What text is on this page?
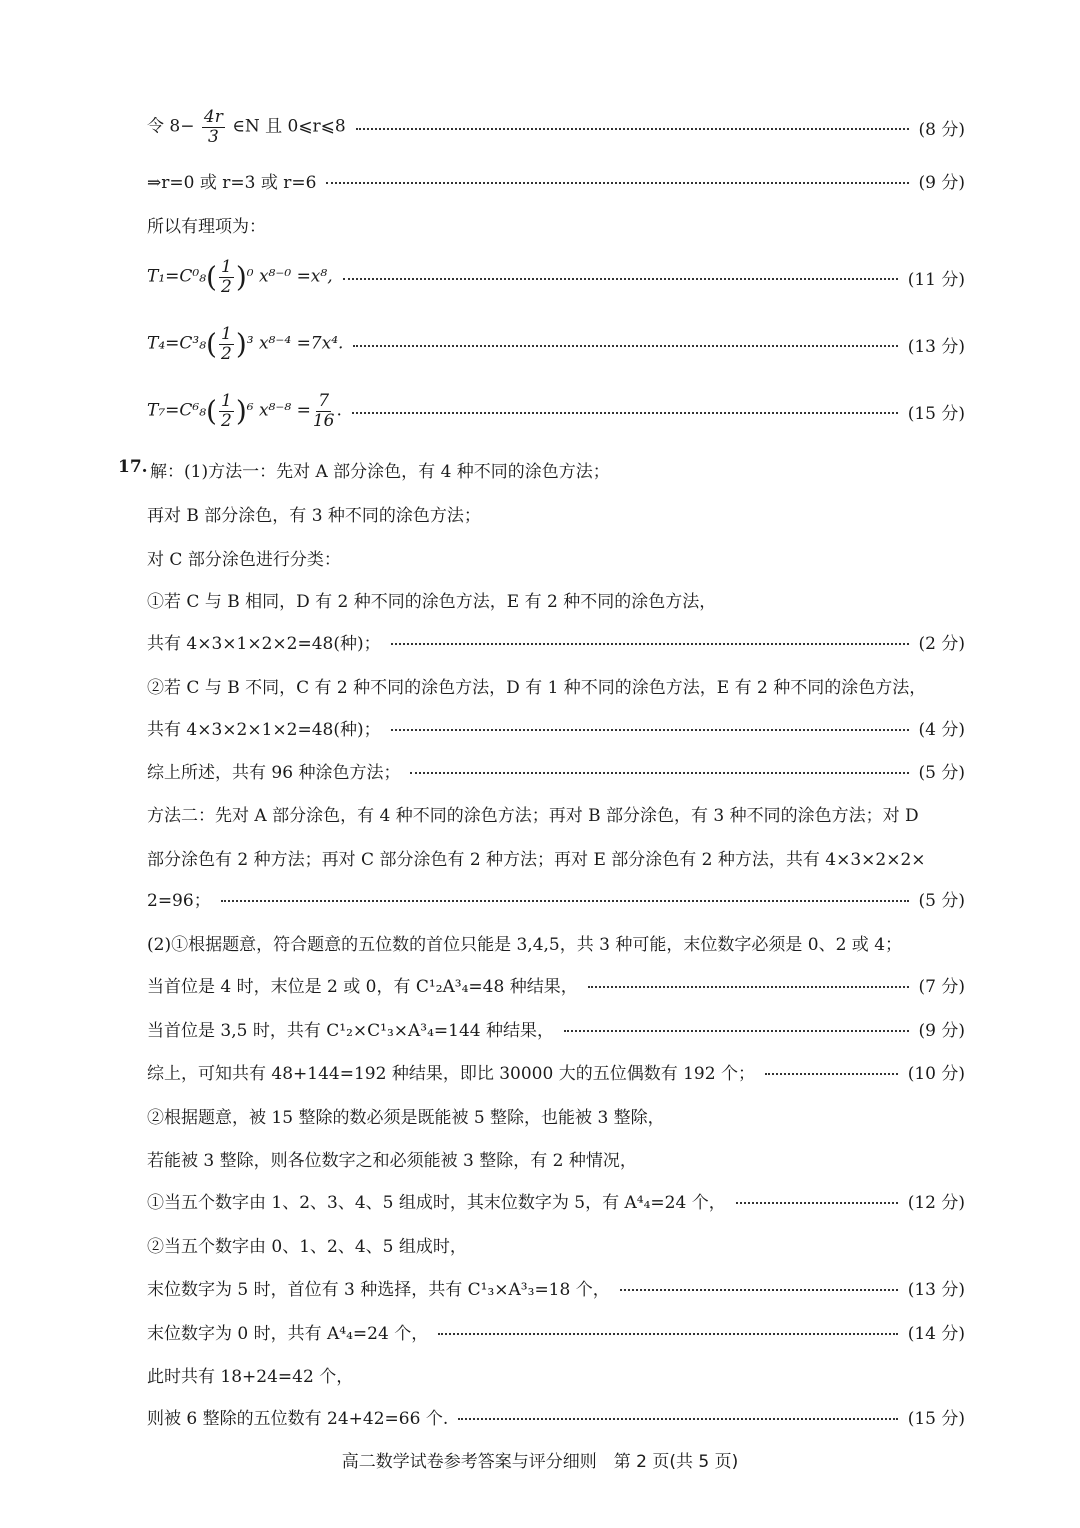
令 $8- \frac{4r}{3}$ ∈N 且 0⩽r⩽8	(8 分)
⇒r=0 或 r=3 或 r=6	(9 分)
所以有理项为：
$T_1=C^0_8( \frac{1}{2} )^0$ x⁸⁻⁰ =x⁸,	(11 分)
$T_4=C^3_8( \frac{1}{2} )^3$ x⁸⁻⁴ =7x⁴.	(13 分)
$T_7=C^6_8( \frac{1}{2} )^6$ $x^{8-8} = \frac{7}{16}$ .	(15 分)
17. 解：(1)方法一：先对 A 部分涂色，有 4 种不同的涂色方法；
再对 B 部分涂色，有 3 种不同的涂色方法；
对 C 部分涂色进行分类：
①若 C 与 B 相同，D 有 2 种不同的涂色方法，E 有 2 种不同的涂色方法，
共有 4×3×1×2×2=48(种)；	(2 分)
②若 C 与 B 不同，C 有 2 种不同的涂色方法，D 有 1 种不同的涂色方法，E 有 2 种不同的涂色方法，
共有 4×3×2×1×2=48(种)；	(4 分)
综上所述，共有 96 种涂色方法；	(5 分)
方法二：先对 A 部分涂色，有 4 种不同的涂色方法；再对 B 部分涂色，有 3 种不同的涂色方法；对 D
部分涂色有 2 种方法；再对 C 部分涂色有 2 种方法；再对 E 部分涂色有 2 种方法，共有 4×3×2×2×
2=96；	(5 分)
(2)①根据题意，符合题意的五位数的首位只能是 3,4,5，共 3 种可能，末位数字必须是 0、2 或 4；
当首位是 4 时，末位是 2 或 0，有 C¹₂A³₄=48 种结果，	(7 分)
当首位是 3,5 时，共有 C¹₂×C¹₃×A³₄=144 种结果，	(9 分)
综上，可知共有 48+144=192 种结果，即比 30000 大的五位偶数有 192 个；	(10 分)
②根据题意，被 15 整除的数必须是既能被 5 整除，也能被 3 整除，
若能被 3 整除，则各位数字之和必须能被 3 整除，有 2 种情况，
①当五个数字由 1、2、3、4、5 组成时，其末位数字为 5，有 A⁴₄=24 个，	(12 分)
②当五个数字由 0、1、2、4、5 组成时，
末位数字为 5 时，首位有 3 种选择，共有 C¹₃×A³₃=18 个，	(13 分)
末位数字为 0 时，共有 A⁴₄=24 个，	(14 分)
此时共有 18+24=42 个，
则被 6 整除的五位数有 24+42=66 个.	(15 分)
高二数学试卷参考答案与评分细则　第 2 页(共 5 页)
